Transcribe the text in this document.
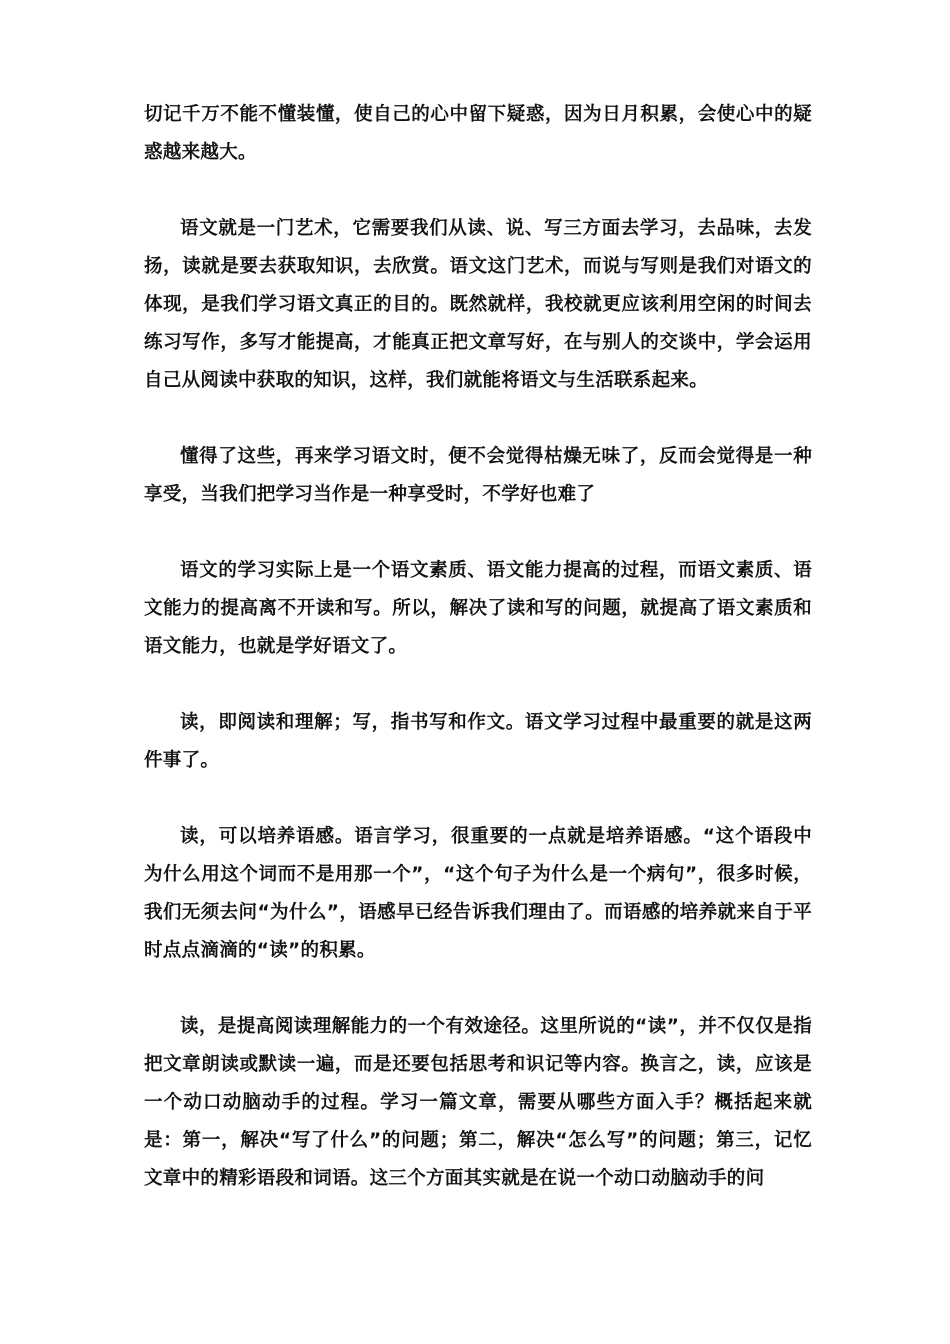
切记千万不能不懂装懂，使自己的心中留下疑惑，因为日月积累，会使心中的疑惑越来越大。

语文就是一门艺术，它需要我们从读、说、写三方面去学习，去品味，去发扬，读就是要去获取知识，去欣赏。语文这门艺术，而说与写则是我们对语文的体现，是我们学习语文真正的目的。既然就样，我校就更应该利用空闲的时间去练习写作，多写才能提高，才能真正把文章写好，在与别人的交谈中，学会运用自己从阅读中获取的知识，这样，我们就能将语文与生活联系起来。

懂得了这些，再来学习语文时，便不会觉得枯燥无味了，反而会觉得是一种享受，当我们把学习当作是一种享受时，不学好也难了

语文的学习实际上是一个语文素质、语文能力提高的过程，而语文素质、语文能力的提高离不开读和写。所以，解决了读和写的问题，就提高了语文素质和语文能力，也就是学好语文了。

读，即阅读和理解；写，指书写和作文。语文学习过程中最重要的就是这两件事了。

读，可以培养语感。语言学习，很重要的一点就是培养语感。“这个语段中为什么用这个词而不是用那一个”，“这个句子为什么是一个病句”，很多时候，我们无须去问“为什么”，语感早已经告诉我们理由了。而语感的培养就来自于平时点点滴滴的“读”的积累。

读，是提高阅读理解能力的一个有效途径。这里所说的“读”，并不仅仅是指把文章朗读或默读一遍，而是还要包括思考和识记等内容。换言之，读，应该是一个动口动脑动手的过程。学习一篇文章，需要从哪些方面入手？概括起来就是：第一，解决“写了什么”的问题；第二，解决“怎么写”的问题；第三，记忆文章中的精彩语段和词语。这三个方面其实就是在说一个动口动脑动手的问
